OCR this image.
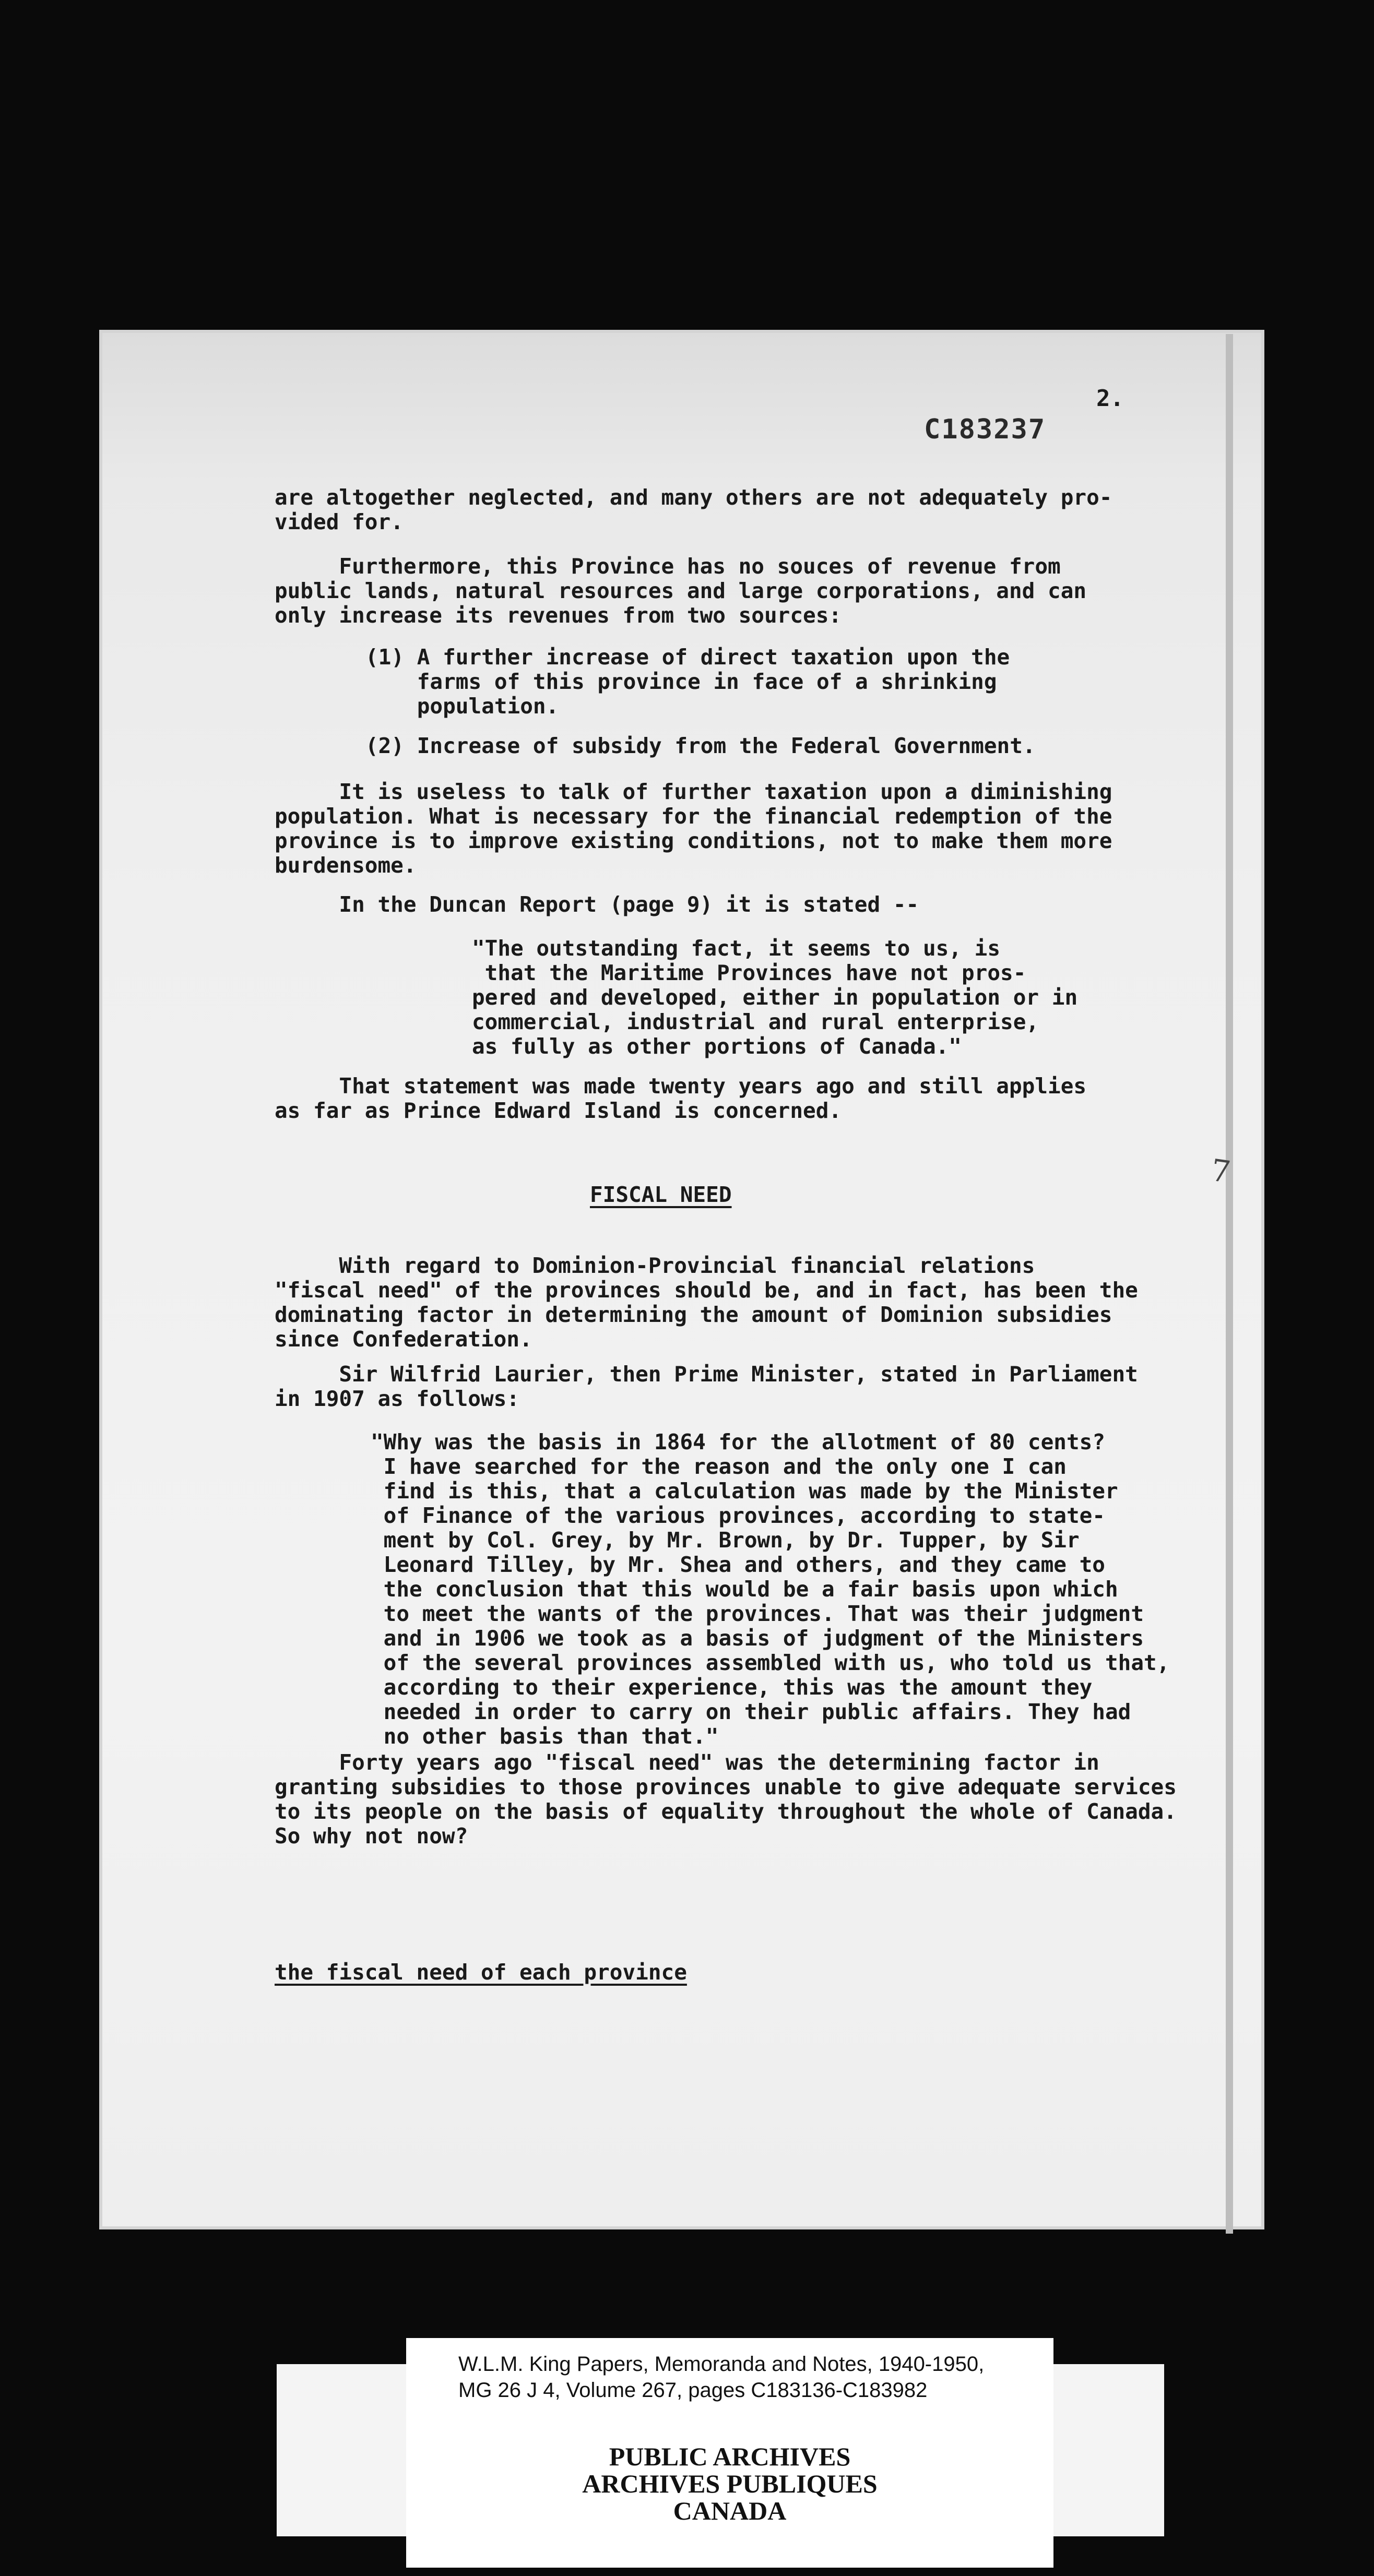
2.
C183237
are altogether neglected, and many others are not adequately pro-
vided for.
Furthermore, this Province has no souces of revenue from
public lands, natural resources and large corporations, and can
only increase its revenues from two sources:
(1) A further increase of direct taxation upon the
farms of this province in face of a shrinking
population.
(2) Increase of subsidy from the Federal Government.
It is useless to talk of further taxation upon a diminishing
population. What is necessary for the financial redemption of the
province is to improve existing conditions, not to make them more
burdensome.
In the Duncan Report (page 9) it is stated --
"The outstanding fact, it seems to us, is
that the Maritime Provinces have not pros-
pered and developed, either in population or in
commercial, industrial and rural enterprise,
as fully as other portions of Canada."
That statement was made twenty years ago and still applies
as far as Prince Edward Island is concerned.
FISCAL NEED
With regard to Dominion-Provincial financial relations
"fiscal need" of the provinces should be, and in fact, has been the
dominating factor in determining the amount of Dominion subsidies
since Confederation.
Sir Wilfrid Laurier, then Prime Minister, stated in Parliament
in 1907 as follows:
"Why was the basis in 1864 for the allotment of 80 cents?
I have searched for the reason and the only one I can
find is this, that a calculation was made by the Minister
of Finance of the various provinces, according to state-
ment by Col. Grey, by Mr. Brown, by Dr. Tupper, by Sir
Leonard Tilley, by Mr. Shea and others, and they came to
the conclusion that this would be a fair basis upon which
to meet the wants of the provinces. That was their judgment
and in 1906 we took as a basis of judgment of the Ministers
of the several provinces assembled with us, who told us that,
according to their experience, this was the amount they
needed in order to carry on their public affairs. They had
no other basis than that."
Forty years ago "fiscal need" was the determining factor in
granting subsidies to those provinces unable to give adequate services
to its people on the basis of equality throughout the whole of Canada.
So why not now?

the fiscal need of each province

7
W.L.M. King Papers, Memoranda and Notes, 1940-1950,
MG 26 J 4, Volume 267, pages C183136-C183982
PUBLIC ARCHIVES
ARCHIVES PUBLIQUES
CANADA
